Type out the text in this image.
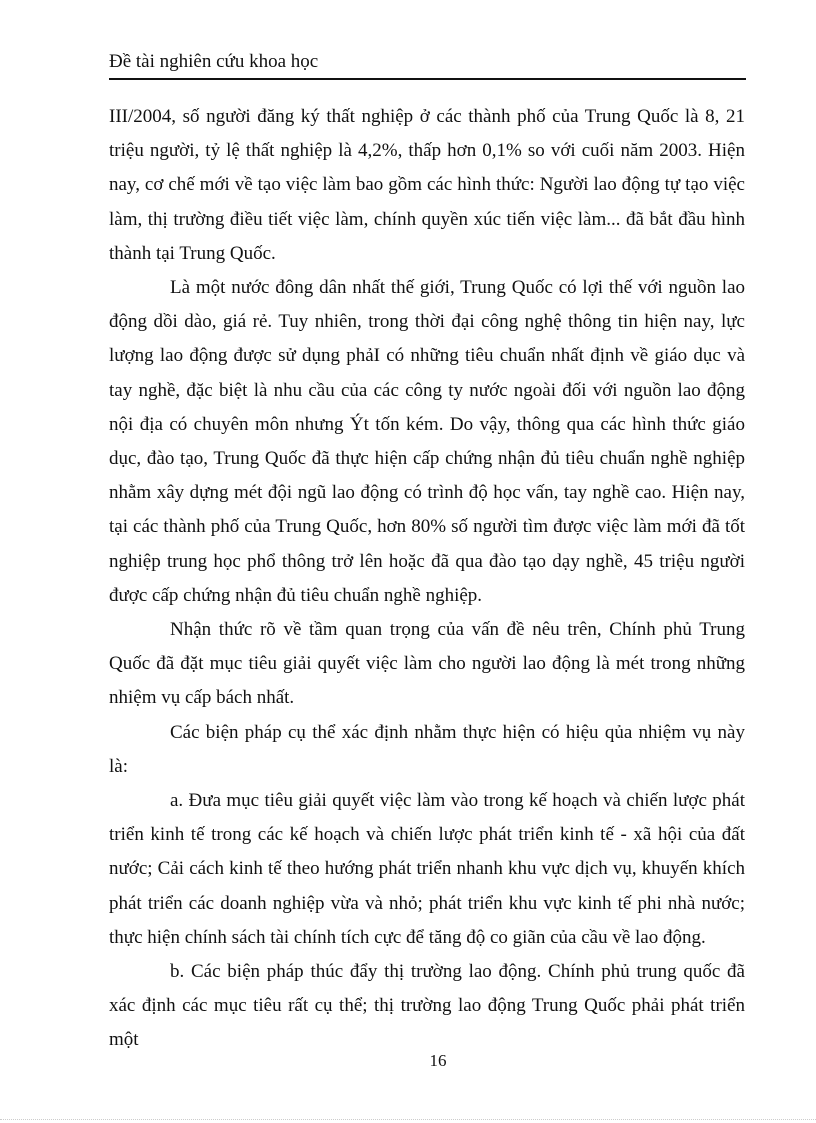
Đề tài nghiên cứu khoa học

III/2004, số người đăng ký thất nghiệp ở các thành phố của Trung Quốc là 8, 21 triệu người, tỷ lệ thất nghiệp là 4,2%, thấp hơn 0,1% so với cuối năm 2003. Hiện nay, cơ chế mới về tạo việc làm bao gồm các hình thức: Người lao động tự tạo việc làm, thị trường điều tiết việc làm, chính quyền xúc tiến việc làm... đã bắt đầu hình thành tại Trung Quốc.

Là một nước đông dân nhất thế giới, Trung Quốc có lợi thế với nguồn lao động dồi dào, giá rẻ. Tuy nhiên, trong thời đại công nghệ thông tin hiện nay, lực lượng lao động được sử dụng phảI có những tiêu chuẩn nhất định về giáo dục và tay nghề, đặc biệt là nhu cầu của các công ty nước ngoài đối với nguồn lao động nội địa có chuyên môn nhưng Ýt tốn kém. Do vậy, thông qua các hình thức giáo dục, đào tạo, Trung Quốc đã thực hiện cấp chứng nhận đủ tiêu chuẩn nghề nghiệp nhằm xây dựng mét đội ngũ lao động có trình độ học vấn, tay nghề cao. Hiện nay, tại các thành phố của Trung Quốc, hơn 80% số người tìm được việc làm mới đã tốt nghiệp trung học phổ thông trở lên hoặc đã qua đào tạo dạy nghề, 45 triệu người được cấp chứng nhận đủ tiêu chuẩn nghề nghiệp.

Nhận thức rõ về tầm quan trọng của vấn đề nêu trên, Chính phủ Trung Quốc đã đặt mục tiêu giải quyết việc làm cho người lao động là mét trong những nhiệm vụ cấp bách nhất.

Các biện pháp cụ thể xác định nhằm thực hiện có hiệu qủa nhiệm vụ này là:

a. Đưa mục tiêu giải quyết việc làm vào trong kế hoạch và chiến lược phát triển kinh tế trong các kế hoạch và chiến lược phát triển kinh tế - xã hội của đất nước; Cải cách kinh tế theo hướng phát triển nhanh khu vực dịch vụ, khuyến khích phát triển các doanh nghiệp vừa và nhỏ; phát triển khu vực kinh tế phi nhà nước; thực hiện chính sách tài chính tích cực để tăng độ co giãn của cầu về lao động.

b. Các biện pháp thúc đẩy thị trường lao động. Chính phủ trung quốc đã xác định các mục tiêu rất cụ thể; thị trường lao động Trung Quốc phải phát triển một

16
